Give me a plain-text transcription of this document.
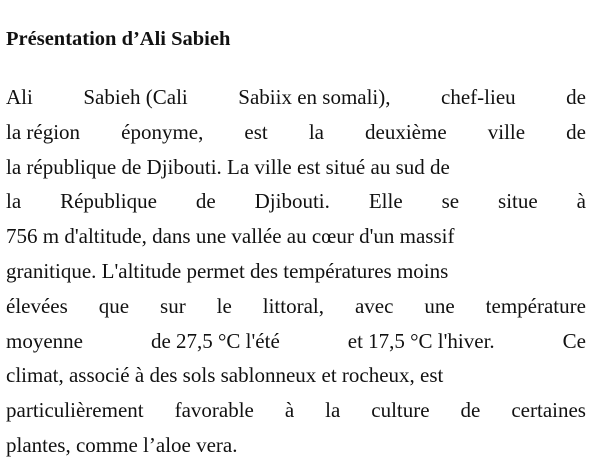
Présentation d’Ali Sabieh
Ali Sabieh (Cali Sabiix en somali), chef-lieu de
la région éponyme, est la deuxième ville de
la république de Djibouti. La ville est situé au sud de
la République de Djibouti. Elle se situe à
756 m d'altitude, dans une vallée au cœur d'un massif
granitique. L'altitude permet des températures moins
élevées que sur le littoral, avec une température
moyenne	de 27,5 °C l'été	et 17,5 °C l'hiver.	Ce
climat, associé à des sols sablonneux et rocheux, est
particulièrement favorable à la culture de certaines
plantes, comme l’aloe vera.
